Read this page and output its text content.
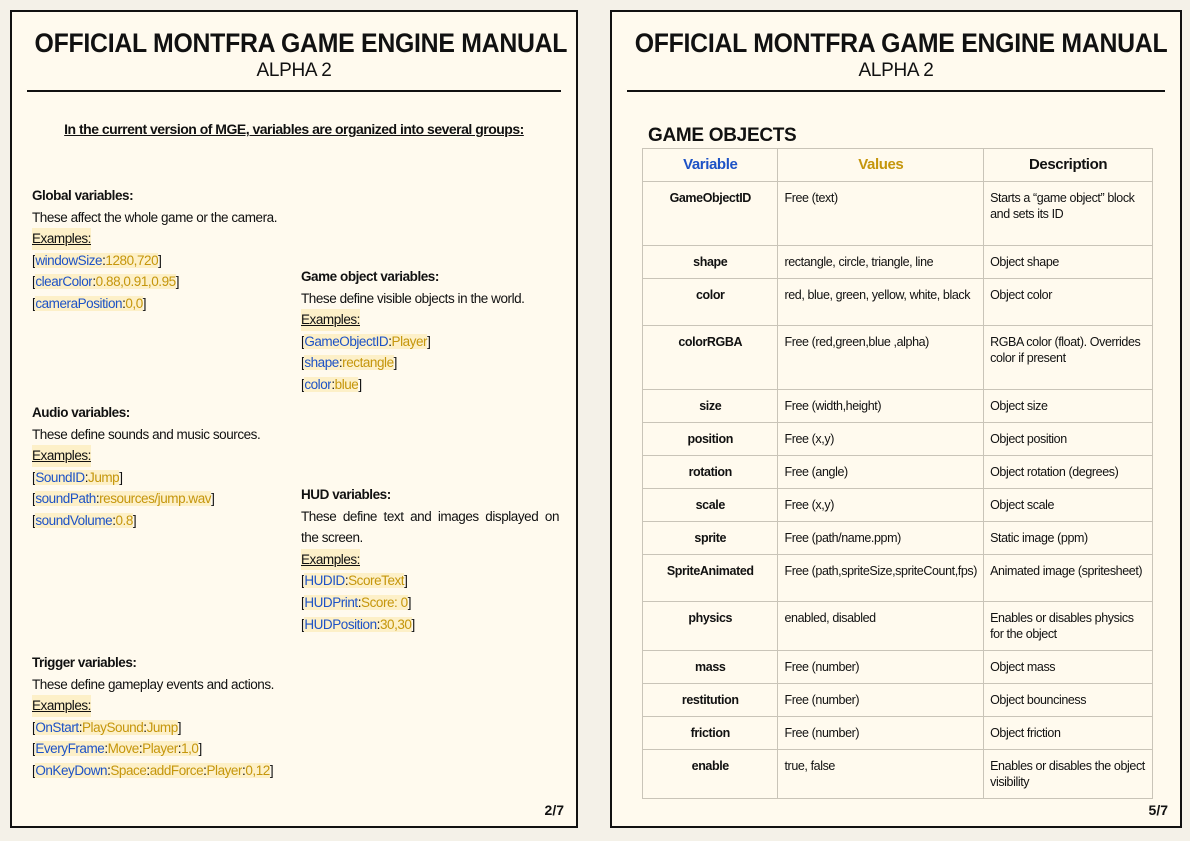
OFFICIAL MONTFRA GAME ENGINE MANUAL
ALPHA 2
In the current version of MGE, variables are organized into several groups:
Global variables:
These affect the whole game or the camera.
Examples:
[windowSize:1280,720]
[clearColor:0.88,0.91,0.95]
[cameraPosition:0,0]
Game object variables:
These define visible objects in the world.
Examples:
[GameObjectID:Player]
[shape:rectangle]
[color:blue]
Audio variables:
These define sounds and music sources.
Examples:
[SoundID:Jump]
[soundPath:resources/jump.wav]
[soundVolume:0.8]
HUD variables:
These define text and images displayed on the screen.
Examples:
[HUDID:ScoreText]
[HUDPrint:Score: 0]
[HUDPosition:30,30]
Trigger variables:
These define gameplay events and actions.
Examples:
[OnStart:PlaySound:Jump]
[EveryFrame:Move:Player:1,0]
[OnKeyDown:Space:addForce:Player:0,12]
2/7
OFFICIAL MONTFRA GAME ENGINE MANUAL
ALPHA 2
GAME OBJECTS
Variable	Values	Description
GameObjectID	Free (text)	Starts a “game object” block and sets its ID
shape	rectangle, circle, triangle, line	Object shape
color	red, blue, green, yellow, white, black	Object color
colorRGBA	Free (red,green,blue ,alpha)	RGBA color (float). Overrides color if present
size	Free (width,height)	Object size
position	Free (x,y)	Object position
rotation	Free (angle)	Object rotation (degrees)
scale	Free (x,y)	Object scale
sprite	Free (path/name.ppm)	Static image (ppm)
SpriteAnimated	Free (path,spriteSize,spriteCount,fps)	Animated image (spritesheet)
physics	enabled, disabled	Enables or disables physics for the object
mass	Free (number)	Object mass
restitution	Free (number)	Object bounciness
friction	Free (number)	Object friction
enable	true, false	Enables or disables the object visibility
5/7
